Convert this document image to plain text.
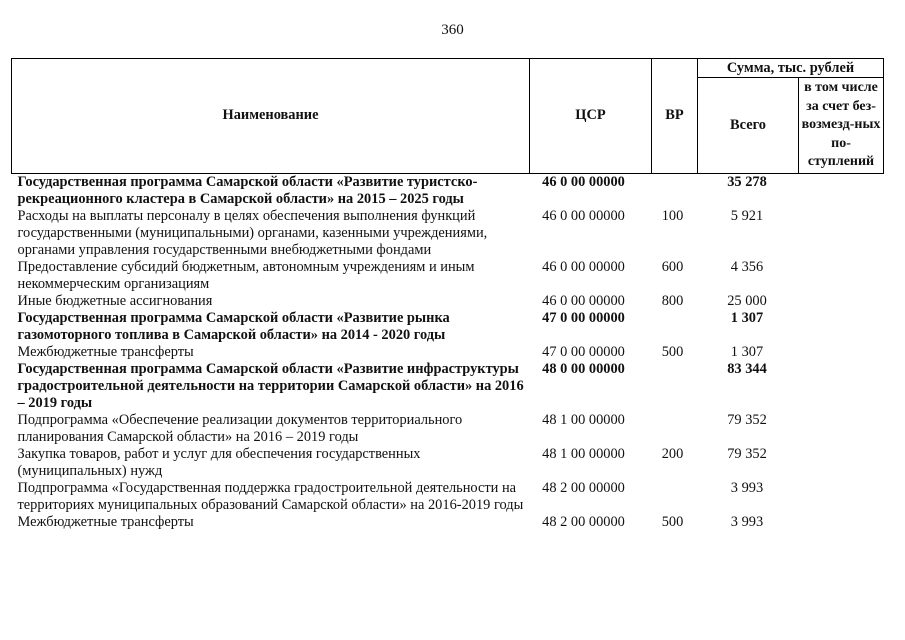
360
Наименование	ЦСР	ВР	Сумма, тыс. рублей	
			Всего	в том числе за счет без-возмезд-ных по-ступлений
Государственная программа Самарской области «Развитие туристско-рекреационного кластера в Самарской области» на 2015 – 2025 годы	46 0 00 00000		35 278	
Расходы на выплаты персоналу в целях обеспечения выполнения функций государственными (муниципальными) органами, казенными учреждениями, органами управления государственными внебюджетными фондами	46 0 00 00000	100	5 921	
Предоставление субсидий бюджетным, автономным учреждениям и иным некоммерческим организациям	46 0 00 00000	600	4 356	
Иные бюджетные ассигнования	46 0 00 00000	800	25 000	
Государственная программа Самарской области «Развитие рынка газомоторного топлива в Самарской области» на 2014 - 2020 годы	47 0 00 00000		1 307	
Межбюджетные трансферты	47 0 00 00000	500	1 307	
Государственная программа Самарской области «Развитие инфраструктуры градостроительной деятельности на территории Самарской области» на 2016 – 2019 годы	48 0 00 00000		83 344	
Подпрограмма «Обеспечение реализации документов территориального планирования Самарской области» на 2016 – 2019 годы	48 1 00 00000		79 352	
Закупка товаров, работ и услуг для обеспечения государственных (муниципальных) нужд	48 1 00 00000	200	79 352	
Подпрограмма «Государственная поддержка градостроительной деятельности на территориях муниципальных образований Самарской области» на 2016-2019 годы	48 2 00 00000		3 993	
Межбюджетные трансферты	48 2 00 00000	500	3 993	
